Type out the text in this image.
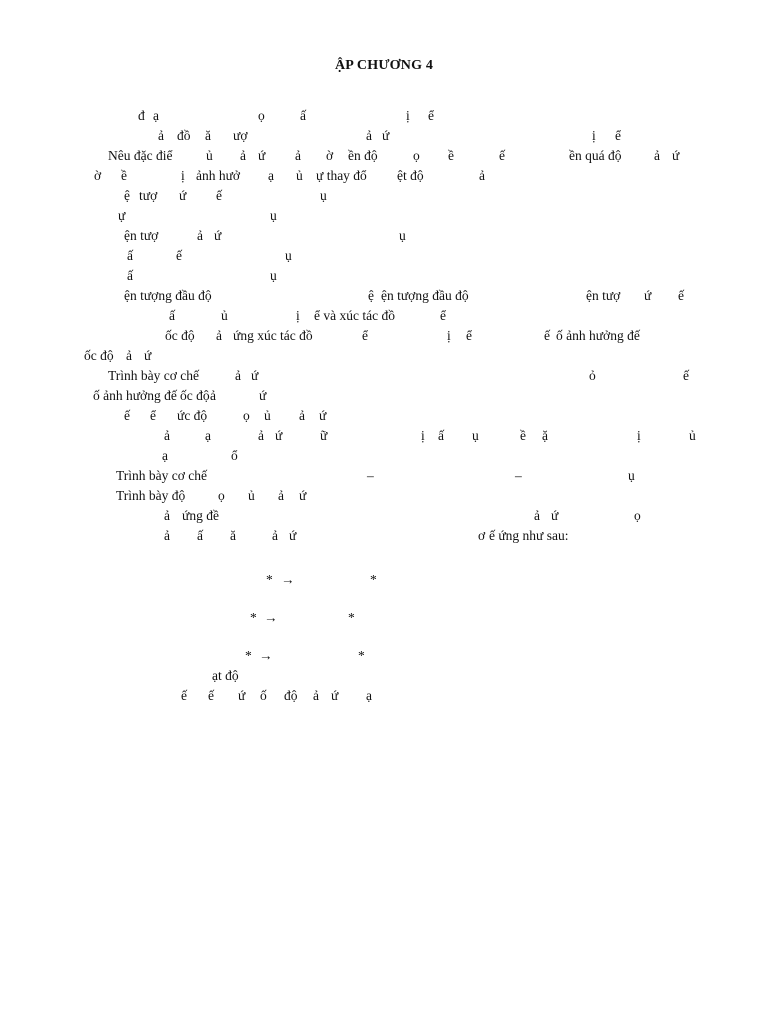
ẬP CHƯƠNG 4
đ ạ	ọ	ấ	ị ể
ả đồ ă ượ	ả ứ	ị ể
Nêu đặc điể ủ ả ứ ả ờ ền độ	ọ ề	ế	ền quá độ ả ứ
ờ ề	ị ảnh hưở ạ ủ ự thay đổ ệt độ	ả
ệ tượ ứ ế	ụ
ự	ụ
ện tượ	ả ứ	ụ
ấ	ế	ụ
ấ	ụ
ện tượng đầu độ	ệ ện tượng đầu độ	ện tượ ứ ế
ấ	ủ	ị ể và xúc tác đồ	ể
ốc độ ả ứng xúc tác đồ	ể	ị ể	ế ố ảnh hưởng đế
ốc độ ả ứ
Trình bày cơ chế	ả ứ	ỏ	ế
ố ảnh hưởng đế ốc độ ả	ứ
ế ể ức độ	ọ ủ ả ứ
ả	ạ	ả ứ	ữ	ị ấ ụ	ề ặ	ị	ủ
ạ	ổ
Trình bày cơ chế	–	–	ụ
Trình bày độ ọ ủ ả ứ
ả ứng đề	ả ứ	ọ
ả ấ ă	ả ứ	ơ ế ứng như sau:
* →	*
* →	*
* →	*
ạt độ
ế ế ứ ố độ ả ứ ạ
